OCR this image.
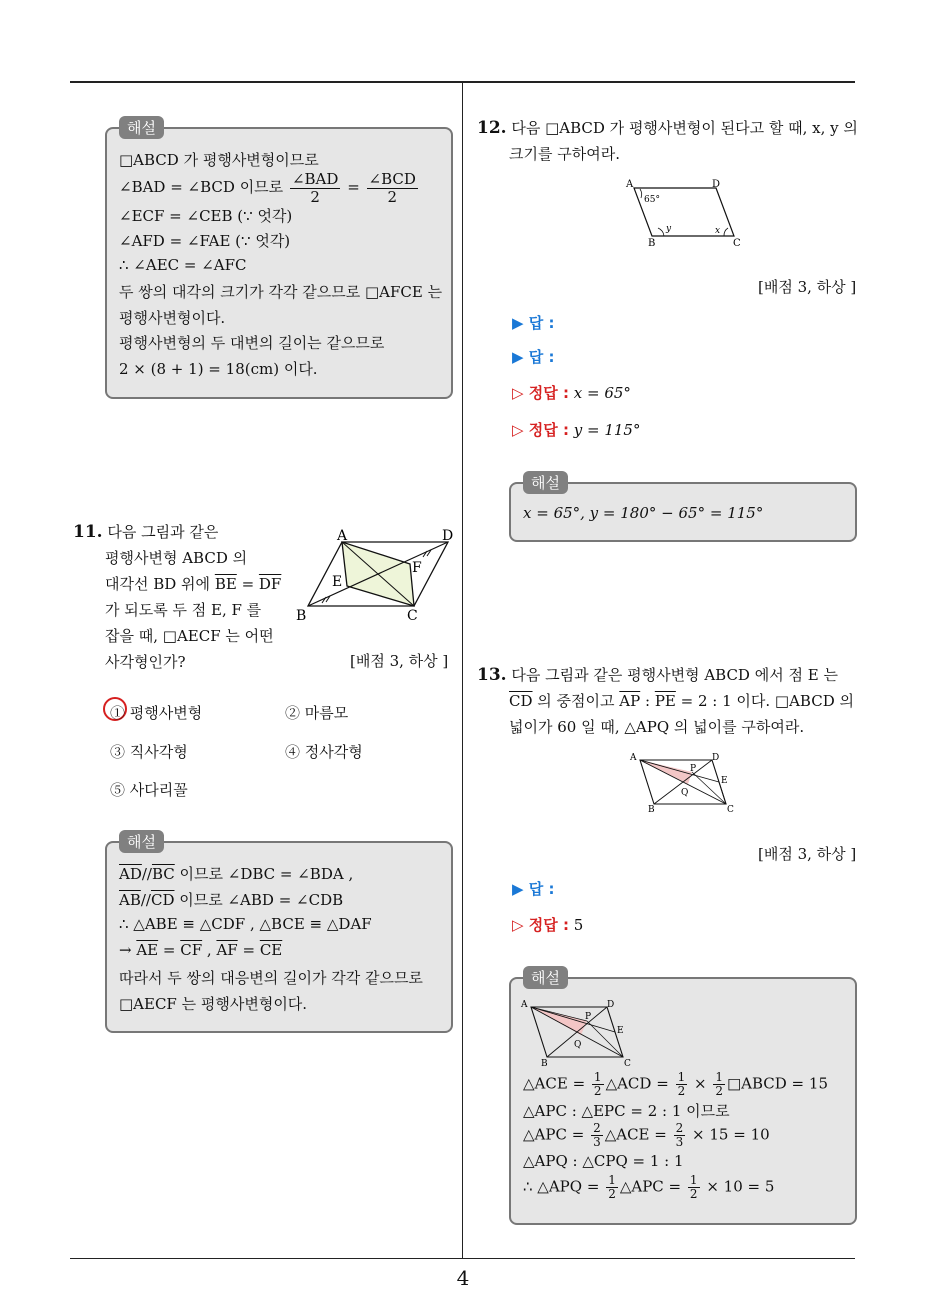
해설
□ABCD 가 평행사변형이므로
∠BAD = ∠BCD 이므로 $\frac{\text{∠BAD}}{2} = \frac{\text{∠BCD}}{2}$
∠ECF = ∠CEB (∵ 엇각)
∠AFD = ∠FAE (∵ 엇각)
∴ ∠AEC = ∠AFC
두 쌍의 대각의 크기가 각각 같으므로 □AFCE 는
평행사변형이다.
평행사변형의 두 대변의 길이는 같으므로
2 × (8 + 1) = 18(cm) 이다.
11. 다음 그림과 같은
평행사변형 ABCD 의
대각선 BD 위에 $\overline{BE} = \overline{DF}$
가 되도록 두 점 E, F 를
잡을 때, □AECF 는 어떤
사각형인가?	[배점 3, 하상 ]
A	D
E
F
B	C
① 평행사변형	② 마름모
③ 직사각형	④ 정사각형
⑤ 사다리꼴
해설
$\overline{AD}//\overline{BC}$ 이므로 ∠DBC = ∠BDA ,
$\overline{AB}//\overline{CD}$ 이므로 ∠ABD = ∠CDB
∴ △ABE ≡ △CDF , △BCE ≡ △DAF
→ $\overline{AE} = \overline{CF}$ , $\overline{AF} = \overline{CE}$
따라서 두 쌍의 대응변의 길이가 각각 같으므로
□AECF 는 평행사변형이다.
12. 다음 □ABCD 가 평행사변형이 된다고 할 때, x, y 의
크기를 구하여라.
A	D
65°
y	x
B	C
[배점 3, 하상 ]
▶ 답 :
▶ 답 :
▷ 정답 : x = 65°
▷ 정답 : y = 115°
해설
x = 65°, y = 180° − 65° = 115°
13. 다음 그림과 같은 평행사변형 ABCD 에서 점 E 는
$\overline{CD}$ 의 중점이고 $\overline{AP}$ : $\overline{PE} = 2$ : 1 이다. □ABCD 의
넓이가 60 일 때, △APQ 의 넓이를 구하여라.
A	D
P
E
Q
B	C
[배점 3, 하상 ]
▶ 답 :
▷ 정답 : 5
해설
A	D
P
E
Q
B	C
△ACE = $\frac{1}{2}$ △ACD = $\frac{1}{2} \times \frac{1}{2}$ □ABCD = 15
△APC : △EPC = 2 : 1 이므로
△APC = $\frac{2}{3}$ △ACE = $\frac{2}{3} \times 15 = 10$
△APQ : △CPQ = 1 : 1
∴ △APQ = $\frac{1}{2}$ △APC = $\frac{1}{2} \times 10 = 5$
4
